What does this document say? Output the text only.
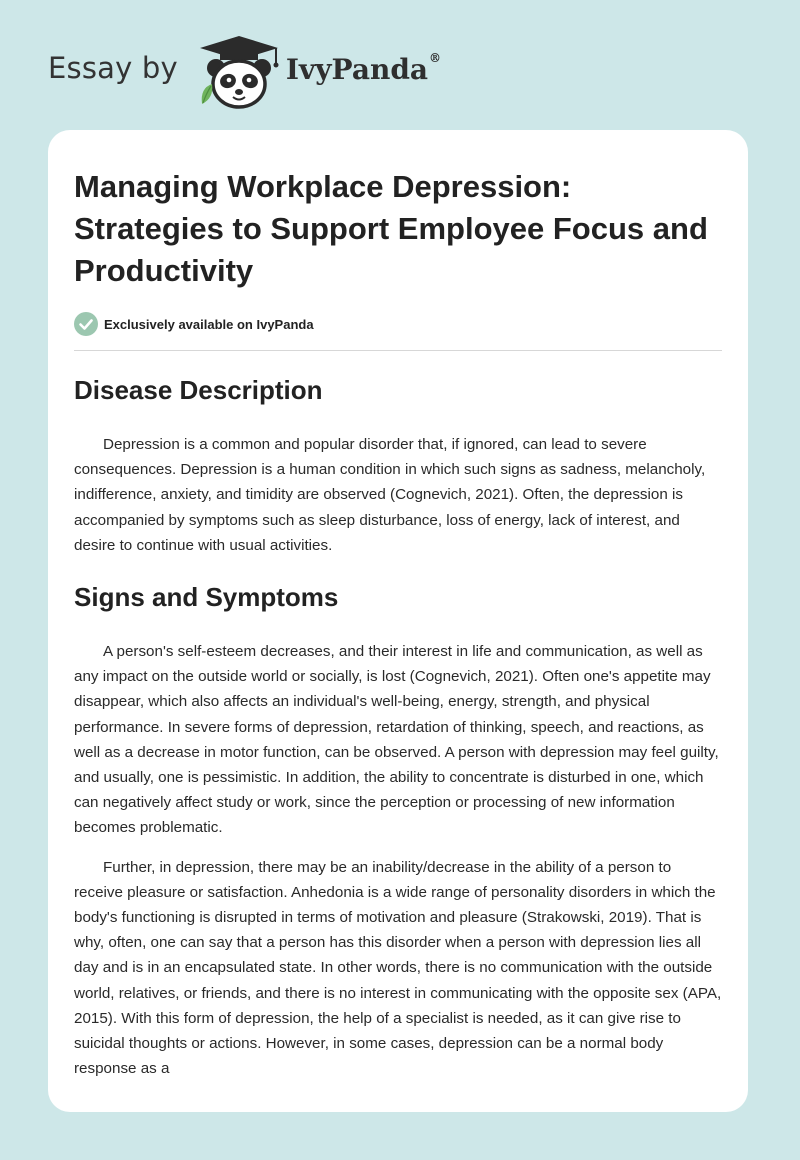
Essay by	IvyPanda®
Managing Workplace Depression: Strategies to Support Employee Focus and Productivity
Exclusively available on IvyPanda
Disease Description

Depression is a common and popular disorder that, if ignored, can lead to severe consequences. Depression is a human condition in which such signs as sadness, melancholy, indifference, anxiety, and timidity are observed (Cognevich, 2021). Often, the depression is accompanied by symptoms such as sleep disturbance, loss of energy, lack of interest, and desire to continue with usual activities.

Signs and Symptoms

A person's self-esteem decreases, and their interest in life and communication, as well as any impact on the outside world or socially, is lost (Cognevich, 2021). Often one's appetite may disappear, which also affects an individual's well-being, energy, strength, and physical performance. In severe forms of depression, retardation of thinking, speech, and reactions, as well as a decrease in motor function, can be observed. A person with depression may feel guilty, and usually, one is pessimistic. In addition, the ability to concentrate is disturbed in one, which can negatively affect study or work, since the perception or processing of new information becomes problematic.

Further, in depression, there may be an inability/decrease in the ability of a person to receive pleasure or satisfaction. Anhedonia is a wide range of personality disorders in which the body's functioning is disrupted in terms of motivation and pleasure (Strakowski, 2019). That is why, often, one can say that a person has this disorder when a person with depression lies all day and is in an encapsulated state. In other words, there is no communication with the outside world, relatives, or friends, and there is no interest in communicating with the opposite sex (APA, 2015). With this form of depression, the help of a specialist is needed, as it can give rise to suicidal thoughts or actions. However, in some cases, depression can be a normal body response as a
